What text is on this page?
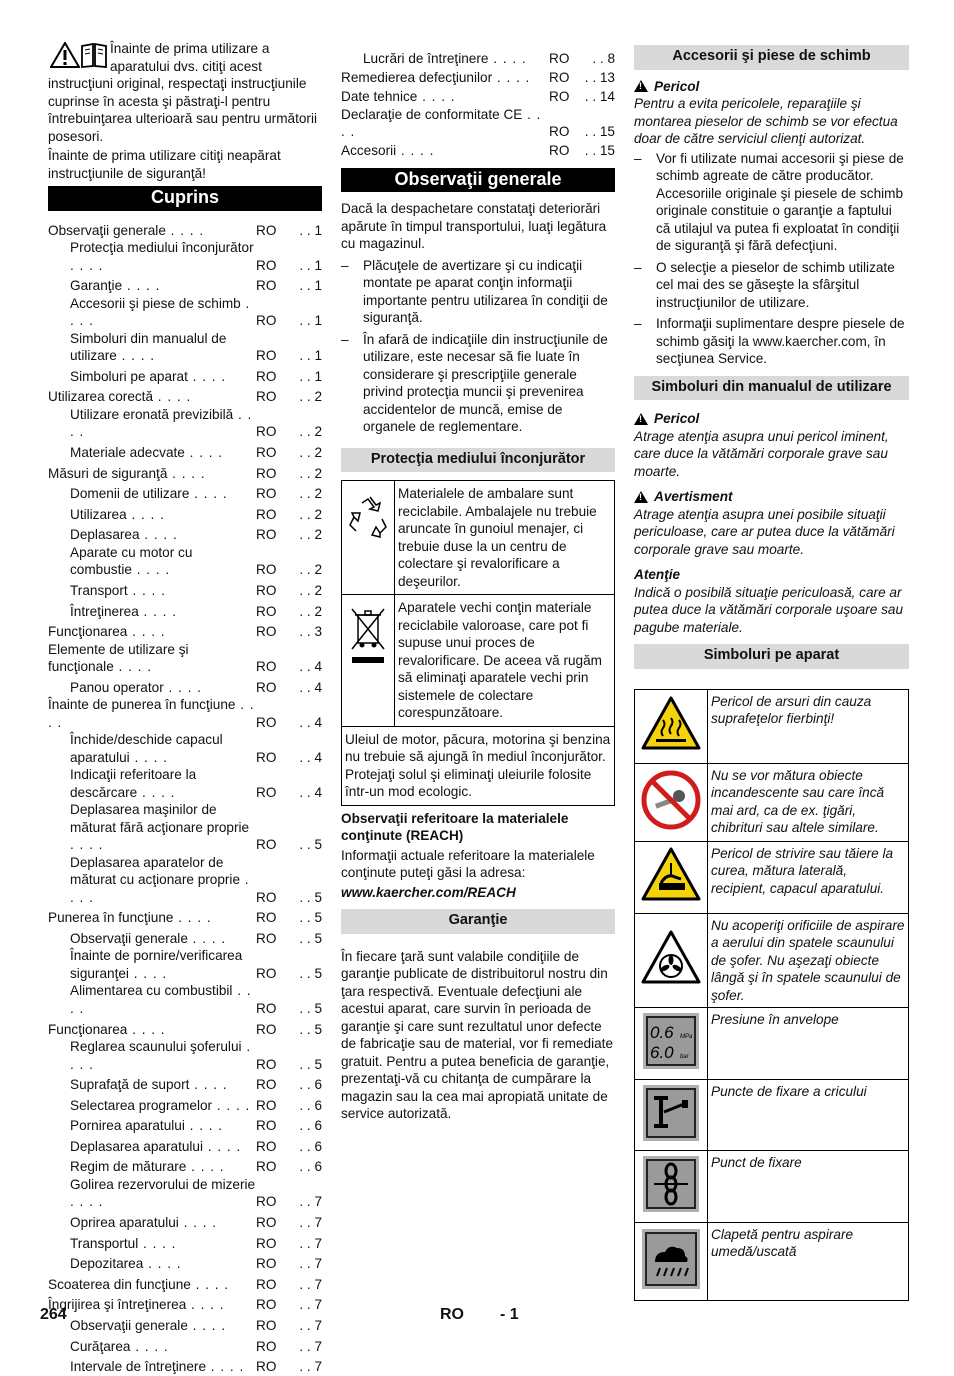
Înainte de prima utilizare a aparatului dvs. citiţi acest instrucţiuni original, respectaţi instrucţiunile cuprinse în acesta şi păstraţi-l pentru întrebuinţarea ulterioară sau pentru următorii posesori.

Înainte de prima utilizare citiţi neapărat instrucţiunile de siguranţă!

Cuprins
Observaţii generale . . . .	RO	. . 1
Protecţia mediului înconjurător . . . .	RO	. . 1
Garanţie . . . .	RO	. . 1
Accesorii şi piese de schimb . . . .	RO	. . 1
Simboluri din manualul de utilizare . . . .	RO	. . 1
Simboluri pe aparat . . . .	RO	. . 1
Utilizarea corectă . . . .	RO	. . 2
Utilizare eronată previzibilă . . . .	RO	. . 2
Materiale adecvate . . . .	RO	. . 2
Măsuri de siguranţă . . . .	RO	. . 2
Domenii de utilizare . . . .	RO	. . 2
Utilizarea . . . .	RO	. . 2
Deplasarea . . . .	RO	. . 2
Aparate cu motor cu combustie . . . .	RO	. . 2
Transport . . . .	RO	. . 2
Întreţinerea . . . .	RO	. . 2
Funcţionarea . . . .	RO	. . 3
Elemente de utilizare şi funcţionale . . . .	RO	. . 4
Panou operator . . . .	RO	. . 4
Înainte de punerea în funcţiune . . . .	RO	. . 4
Închide/deschide capacul aparatului . . . .	RO	. . 4
Indicaţii referitoare la descărcare . . . .	RO	. . 4
Deplasarea maşinilor de măturat fără acţionare proprie . . . .	RO	. . 5
Deplasarea aparatelor de măturat cu acţionare proprie . . . .	RO	. . 5
Punerea în funcţiune . . . .	RO	. . 5
Observaţii generale . . . .	RO	. . 5
Înainte de pornire/verificarea siguranţei . . . .	RO	. . 5
Alimentarea cu combustibil . . . .	RO	. . 5
Funcţionarea . . . .	RO	. . 5
Reglarea scaunului şoferului . . . .	RO	. . 5
Suprafaţă de suport . . . .	RO	. . 6
Selectarea programelor . . . . RO	. . 6
Pornirea aparatului . . . .	RO	. . 6
Deplasarea aparatului . . . .	RO	. . 6
Regim de măturare . . . .	RO	. . 6
Golirea rezervorului de mizerie . . . .	RO	. . 7
Oprirea aparatului . . . .	RO	. . 7
Transportul . . . .	RO	. . 7
Depozitarea . . . .	RO	. . 7
Scoaterea din funcţiune . . . .	RO	. . 7
Îngrijirea şi întreţinerea . . . .	RO	. . 7
Observaţii generale . . . .	RO	. . 7
Curăţarea . . . .	RO	. . 7
Intervale de întreţinere . . . . RO	. . 7
Lucrări de întreţinere . . . .	RO	. . 8
Remedierea defecţiunilor . . . .	RO	. . 13
Date tehnice . . . .	RO	. . 14
Declaraţie de conformitate CE . . . .	RO	. . 15
Accesorii . . . .	RO	. . 15
Observaţii generale

Dacă la despachetare constataţi deteriorări apărute în timpul transportului, luaţi legătura cu magazinul.

– Plăcuţele de avertizare şi cu indicaţii montate pe aparat conţin informaţii importante pentru utilizarea în condiţii de siguranţă.
– În afară de indicaţiile din instrucţiunile de utilizare, este necesar să fie luate în considerare şi prescripţiile generale privind protecţia muncii şi prevenirea accidentelor de muncă, emise de organele de reglementare.
Protecţia mediului înconjurător
	Materialele de ambalare sunt reciclabile. Ambalajele nu trebuie aruncate în gunoiul menajer, ci trebuie duse la un centru de colectare şi revalorificare a deşeurilor.
	Aparatele vechi conţin materiale reciclabile valoroase, care pot fi supuse unui proces de revalorificare. De aceea vă rugăm să eliminaţi aparatele vechi prin sistemele de colectare corespunzătoare.
Uleiul de motor, păcura, motorina şi benzina nu trebuie să ajungă în mediul înconjurător. Protejaţi solul şi eliminaţi uleiurile folosite într-un mod ecologic.	

Observaţii referitoare la materialele conţinute (REACH)

Informaţii actuale referitoare la materialele conţinute puteţi găsi la adresa:

www.kaercher.com/REACH

Garanţie

În fiecare ţară sunt valabile condiţiile de garanţie publicate de distribuitorul nostru din ţara respectivă. Eventuale defecţiuni ale acestui aparat, care survin în perioada de garanţie şi care sunt rezultatul unor defecte de fabricaţie sau de material, vor fi remediate gratuit. Pentru a putea beneficia de garanţie, prezentaţi-vă cu chitanţa de cumpărare la magazin sau la cea mai apropiată unitate de service autorizată.

Accesorii şi piese de schimb
!
Pericol

Pentru a evita pericolele, reparaţiile şi montarea pieselor de schimb se vor efectua doar de către serviciul clienţi autorizat.

– Vor fi utilizate numai accesorii şi piese de schimb agreate de către producător. Accesoriile originale şi piesele de schimb originale constituie o garanţie a faptului că utilajul va putea fi exploatat în condiţii de siguranţă şi fără defecţiuni.
– O selecţie a pieselor de schimb utilizate cel mai des se găseşte la sfârşitul instrucţiunilor de utilizare.
– Informaţii suplimentare despre piesele de schimb găsiţi la www.kaercher.com, în secţiunea Service.
Simboluri din manualul de utilizare
!
Pericol

Atrage atenţia asupra unui pericol iminent, care duce la vătămări corporale grave sau moarte.

!
Avertisment

Atrage atenţia asupra unei posibile situaţii periculoase, care ar putea duce la vătămări corporale grave sau moarte.

Atenţie

Indică o posibilă situaţie periculoasă, care ar putea duce la vătămări corporale uşoare sau pagube materiale.

Simboluri pe aparat
	Pericol de arsuri din cauza suprafeţelor fierbinţi!
	Nu se vor mătura obiecte incandescente sau care încă mai ard, ca de ex. ţigări, chibrituri sau altele similare.
	Pericol de strivire sau tăiere la curea, mătura laterală, recipient, capacul aparatului.
	Nu acoperiţi orificiile de aspirare a aerului din spatele scaunului de şofer. Nu aşezaţi obiecte lângă şi în spatele scaunului de şofer.

0.6 MPa
6.0 bar	Presiune în anvelope
	Puncte de fixare a cricului
	Punct de fixare
	Clapetă pentru aspirare umedă/uscată
264	RO - 1
